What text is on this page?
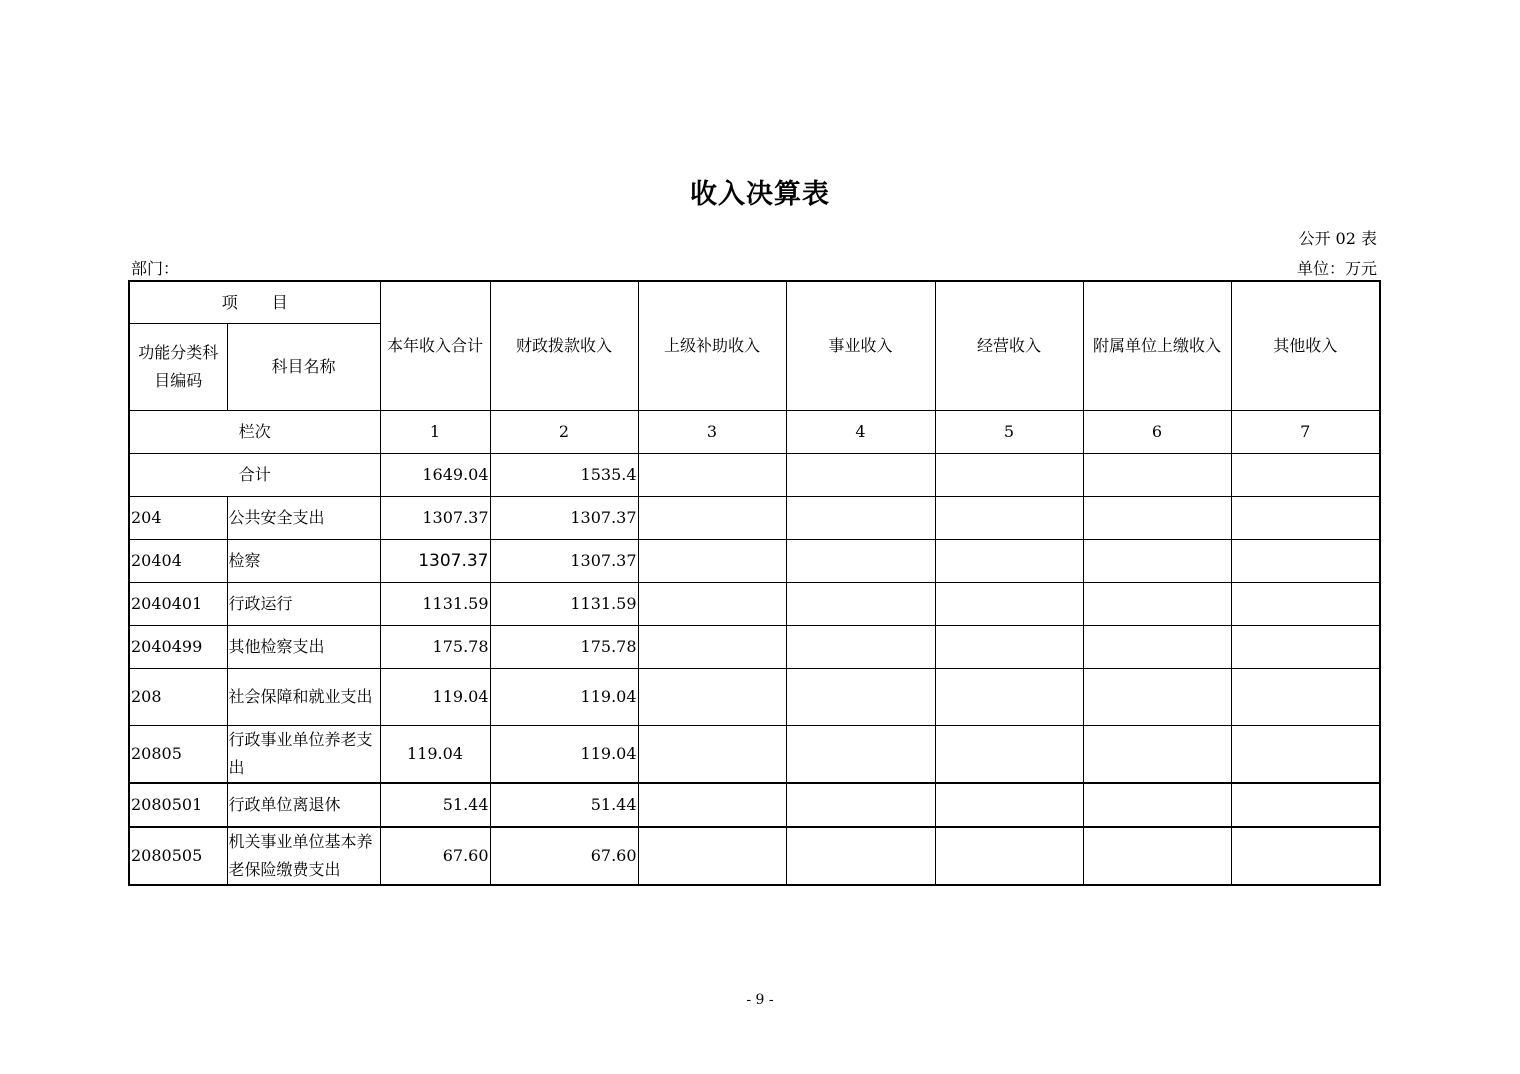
收入决算表
公开 02 表
部门：	单位：万元
项目		本年收入合计	财政拨款收入	上级补助收入	事业收入	经营收入	附属单位上缴收入	其他收入
功能分类科目编码	科目名称							
栏次		1	2	3	4	5	6	7
合计		1649.04	1535.4					
204	公共安全支出	1307.37	1307.37					
20404	检察	1307.37	1307.37					
2040401	行政运行	1131.59	1131.59					
2040499	其他检察支出	175.78	175.78					
208	社会保障和就业支出	119.04	119.04					
20805	行政事业单位养老支出	119.04	119.04					
2080501	行政单位离退休	51.44	51.44					
2080505	机关事业单位基本养老保险缴费支出	67.60	67.60					
- 9 -
